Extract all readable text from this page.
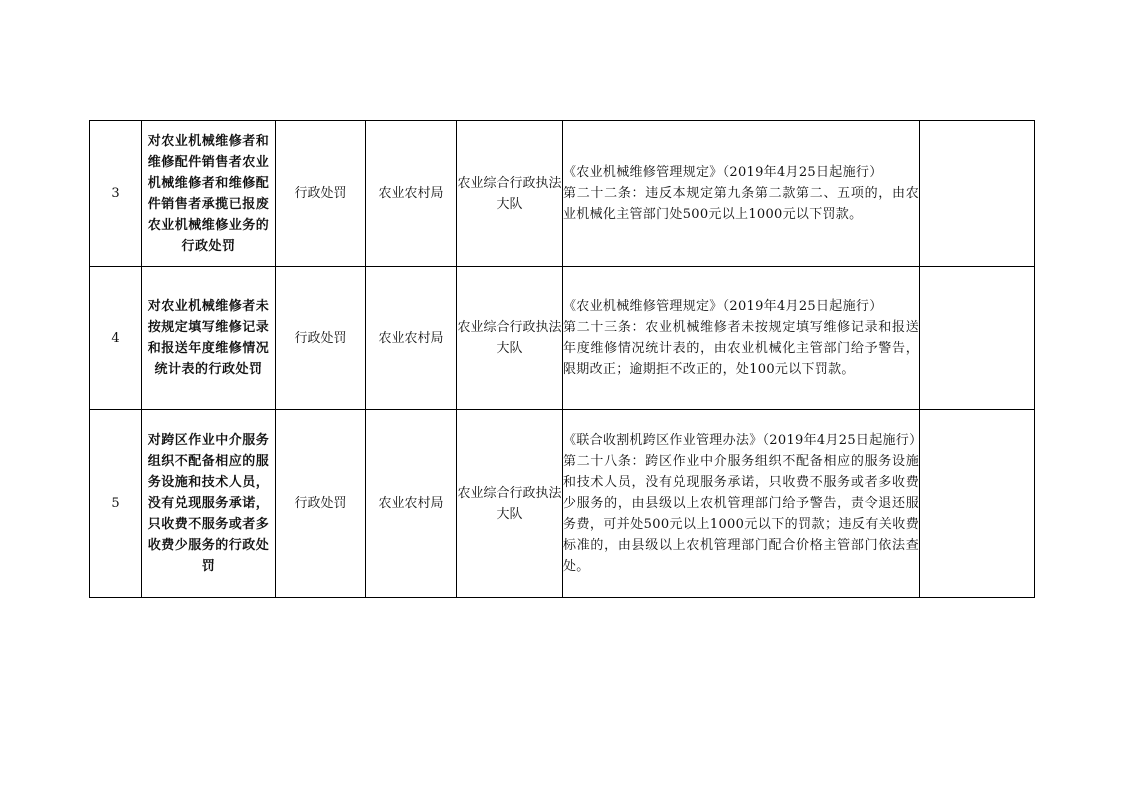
3	对农业机械维修者和维修配件销售者农业机械维修者和维修配件销售者承揽已报废农业机械维修业务的行政处罚	行政处罚	农业农村局	农业综合行政执法大队	《农业机械维修管理规定》（2019年4月25日起施行）
第二十二条：违反本规定第九条第二款第二、五项的，由农业机械化主管部门处500元以上1000元以下罚款。	

4	对农业机械维修者未按规定填写维修记录和报送年度维修情况统计表的行政处罚	行政处罚	农业农村局	农业综合行政执法大队	《农业机械维修管理规定》（2019年4月25日起施行）
第二十三条：农业机械维修者未按规定填写维修记录和报送年度维修情况统计表的，由农业机械化主管部门给予警告，限期改正；逾期拒不改正的，处100元以下罚款。	

5	对跨区作业中介服务组织不配备相应的服务设施和技术人员，没有兑现服务承诺，只收费不服务或者多收费少服务的行政处罚	行政处罚	农业农村局	农业综合行政执法大队	《联合收割机跨区作业管理办法》（2019年4月25日起施行）
第二十八条：跨区作业中介服务组织不配备相应的服务设施和技术人员，没有兑现服务承诺，只收费不服务或者多收费少服务的，由县级以上农机管理部门给予警告，责令退还服务费，可并处500元以上1000元以下的罚款；违反有关收费标准的，由县级以上农机管理部门配合价格主管部门依法查处。	
